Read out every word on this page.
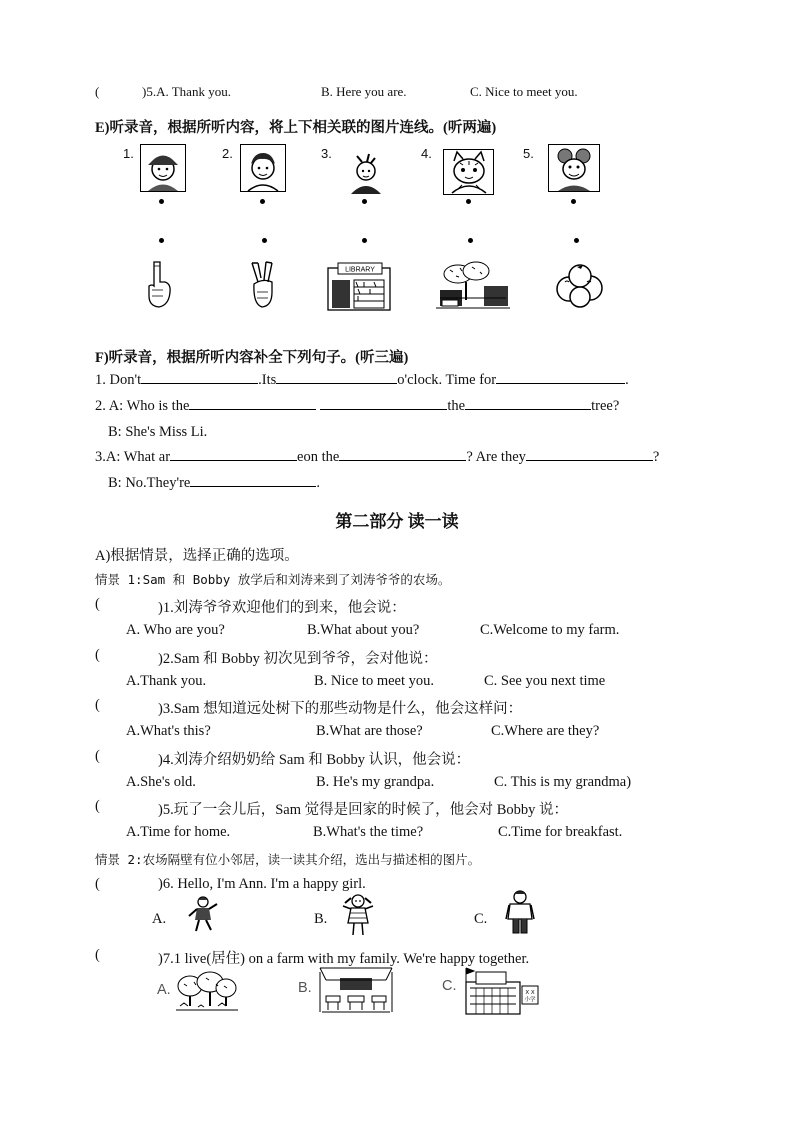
(	)5.A. Thank you.	B. Here you are.	C. Nice to meet you.
E)听录音，根据所听内容，将上下相关联的图片连线。(听两遍)
1.	2.	3.	4.	5.
LIBRARY
F)听录音，根据所听内容补全下列句子。(听三遍)
1. Don't	.Its	o'clock. Time for	.
2. A: Who is the	the	tree?
B: She's Miss Li.
3.A: What ar	eon the	? Are they	?
B: No.They're	.
第二部分 读一读
A)根据情景，选择正确的选项。
情景 1:Sam 和 Bobby 放学后和刘涛来到了刘涛爷爷的农场。
(	)1.刘涛爷爷欢迎他们的到来，他会说：
A. Who are you?	B.What about you?	C.Welcome to my farm.
(	)2.Sam 和 Bobby 初次见到爷爷，会对他说：
A.Thank you.	B. Nice to meet you.	C. See you next time
(	)3.Sam 想知道远处树下的那些动物是什么，他会这样问：
A.What's this?	B.What are those?	C.Where are they?
(	)4.刘涛介绍奶奶给 Sam 和 Bobby 认识，他会说：
A.She's old.	B. He's my grandpa.	C. This is my grandma)
(	)5.玩了一会儿后，Sam 觉得是回家的时候了，他会对 Bobby 说：
A.Time for home.	B.What's the time?	C.Time for breakfast.
情景 2:农场隔壁有位小邻居，读一读其介绍，选出与描述相的图片。
(	)6. Hello, I'm Ann. I'm a happy girl.
A.	B.	C.
(	)7.1 live(居住) on a farm with my family. We're happy together.
A.	B.	C.	X X
小学
